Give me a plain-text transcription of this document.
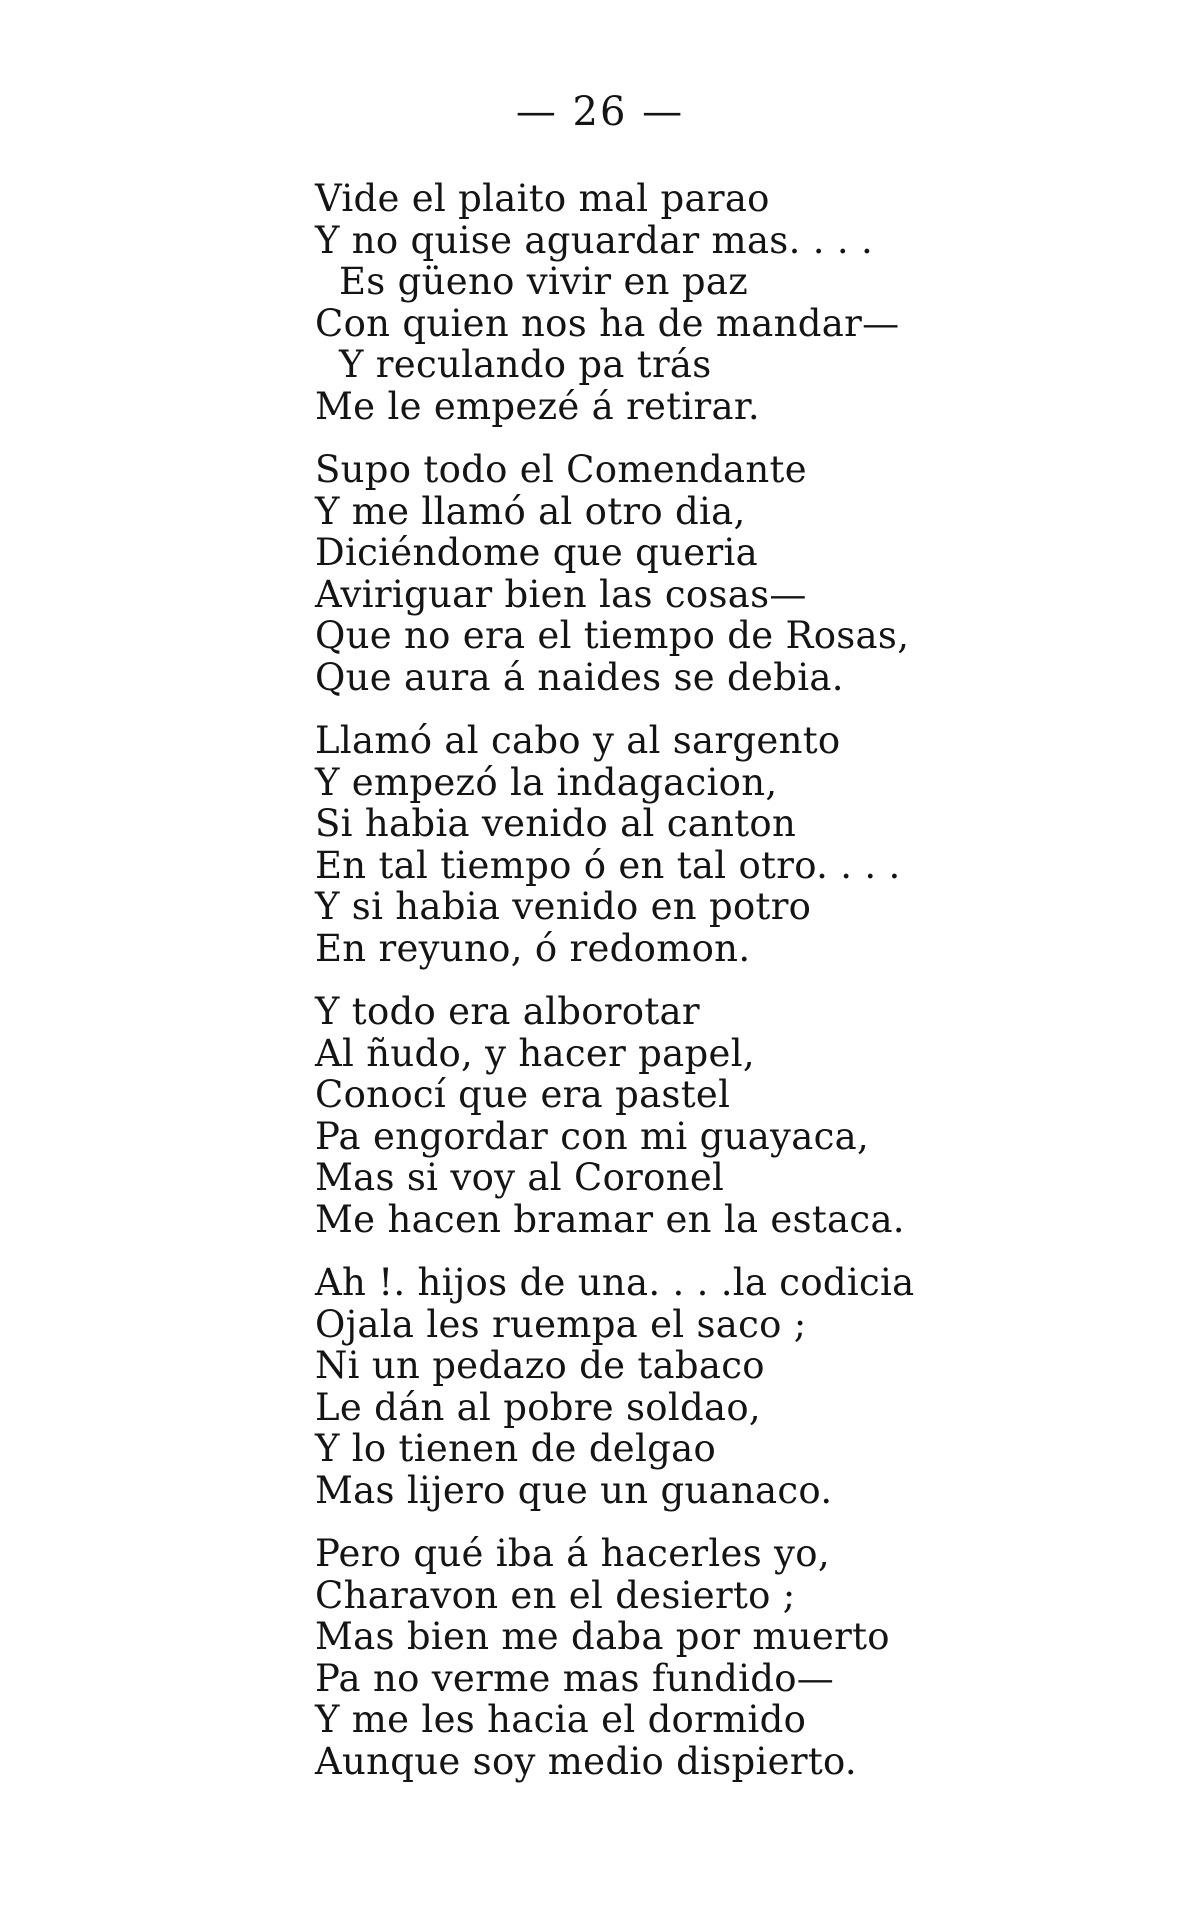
— 26 —
Vide el plaito mal parao
Y no quise aguardar mas. . . .
Es güeno vivir en paz
Con quien nos ha de mandar—
Y reculando pa trás
Me le empezé á retirar.
Supo todo el Comendante
Y me llamó al otro dia,
Diciéndome que queria
Aviriguar bien las cosas—
Que no era el tiempo de Rosas,
Que aura á naides se debia.
Llamó al cabo y al sargento
Y empezó la indagacion,
Si habia venido al canton
En tal tiempo ó en tal otro. . . .
Y si habia venido en potro
En reyuno, ó redomon.
Y todo era alborotar
Al ñudo, y hacer papel,
Conocí que era pastel
Pa engordar con mi guayaca,
Mas si voy al Coronel
Me hacen bramar en la estaca.
Ah !. hijos de una. . . .la codicia
Ojala les ruempa el saco ;
Ni un pedazo de tabaco
Le dán al pobre soldao,
Y lo tienen de delgao
Mas lijero que un guanaco.
Pero qué iba á hacerles yo,
Charavon en el desierto ;
Mas bien me daba por muerto
Pa no verme mas fundido—
Y me les hacia el dormido
Aunque soy medio dispierto.
